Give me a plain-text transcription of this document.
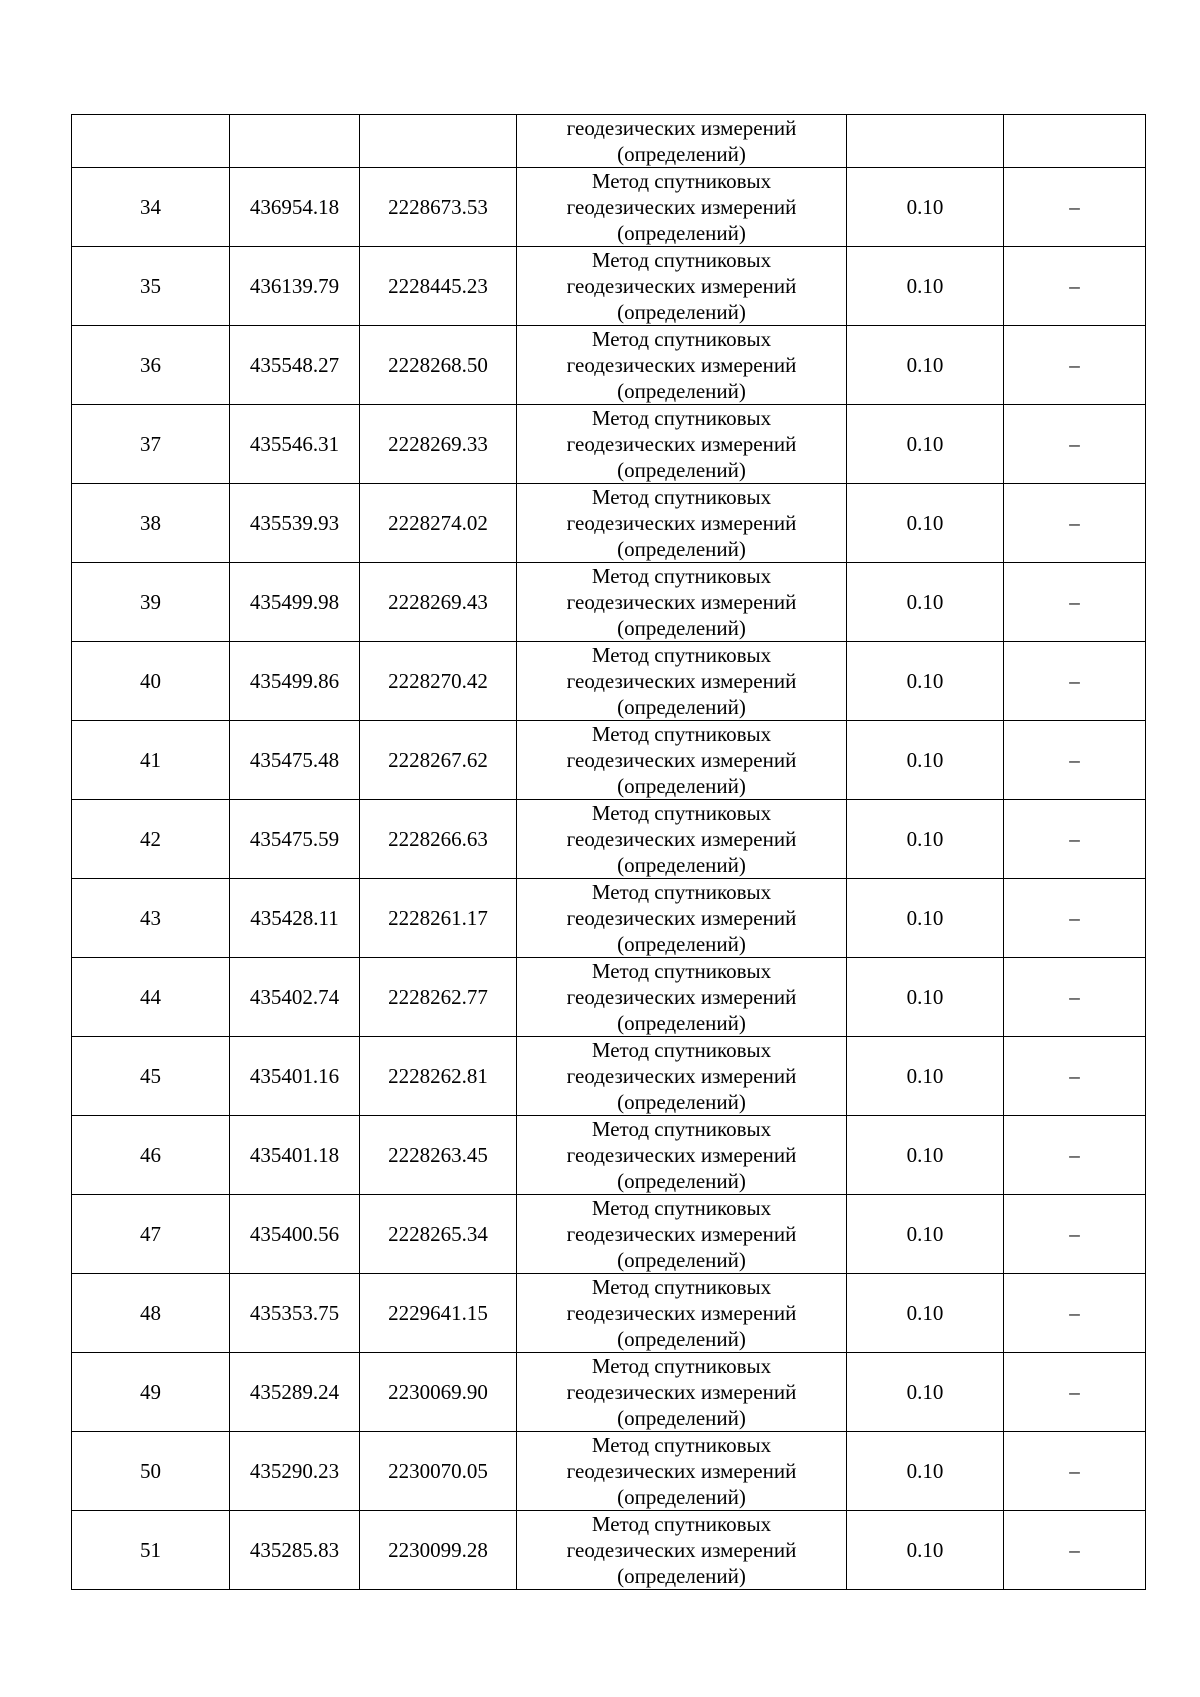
			геодезических измерений
(определений)		

34	436954.18	2228673.53	Метод спутниковых
геодезических измерений
(определений)	0.10	–
35	436139.79	2228445.23	Метод спутниковых
геодезических измерений
(определений)	0.10	–
36	435548.27	2228268.50	Метод спутниковых
геодезических измерений
(определений)	0.10	–
37	435546.31	2228269.33	Метод спутниковых
геодезических измерений
(определений)	0.10	–
38	435539.93	2228274.02	Метод спутниковых
геодезических измерений
(определений)	0.10	–
39	435499.98	2228269.43	Метод спутниковых
геодезических измерений
(определений)	0.10	–
40	435499.86	2228270.42	Метод спутниковых
геодезических измерений
(определений)	0.10	–
41	435475.48	2228267.62	Метод спутниковых
геодезических измерений
(определений)	0.10	–
42	435475.59	2228266.63	Метод спутниковых
геодезических измерений
(определений)	0.10	–
43	435428.11	2228261.17	Метод спутниковых
геодезических измерений
(определений)	0.10	–
44	435402.74	2228262.77	Метод спутниковых
геодезических измерений
(определений)	0.10	–
45	435401.16	2228262.81	Метод спутниковых
геодезических измерений
(определений)	0.10	–
46	435401.18	2228263.45	Метод спутниковых
геодезических измерений
(определений)	0.10	–
47	435400.56	2228265.34	Метод спутниковых
геодезических измерений
(определений)	0.10	–
48	435353.75	2229641.15	Метод спутниковых
геодезических измерений
(определений)	0.10	–
49	435289.24	2230069.90	Метод спутниковых
геодезических измерений
(определений)	0.10	–
50	435290.23	2230070.05	Метод спутниковых
геодезических измерений
(определений)	0.10	–
51	435285.83	2230099.28	Метод спутниковых
геодезических измерений
(определений)	0.10	–
